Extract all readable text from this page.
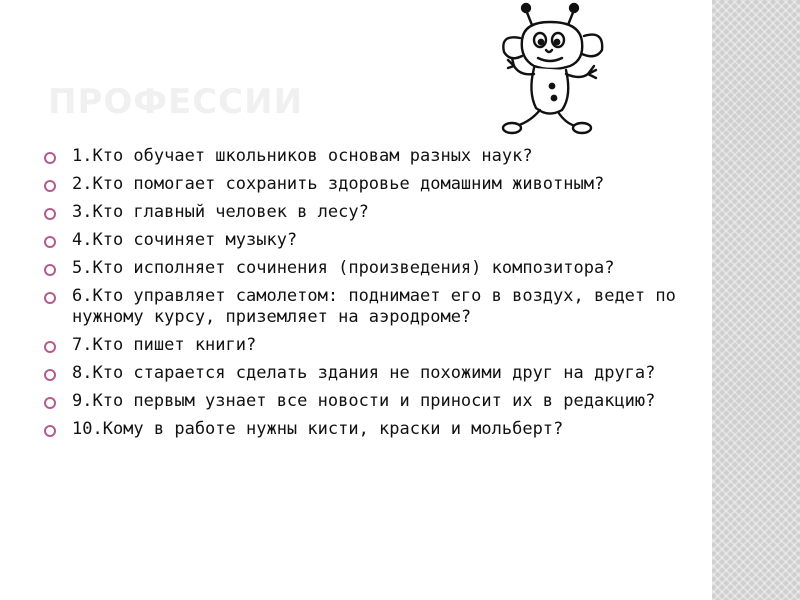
ПРОФЕССИИ
1.Кто обучает школьников основам разных наук?
2.Кто помогает сохранить здоровье домашним животным?
3.Кто главный человек в лесу?
4.Кто сочиняет музыку?
5.Кто исполняет сочинения (произведения) композитора?
6.Кто управляет самолетом: поднимает его в воздух, ведет по нужному курсу, приземляет на аэродроме?
7.Кто пишет книги?
8.Кто старается сделать здания не похожими друг на друга?
9.Кто первым узнает все новости и приносит их в редакцию?
10.Кому в работе нужны кисти, краски и мольберт?
